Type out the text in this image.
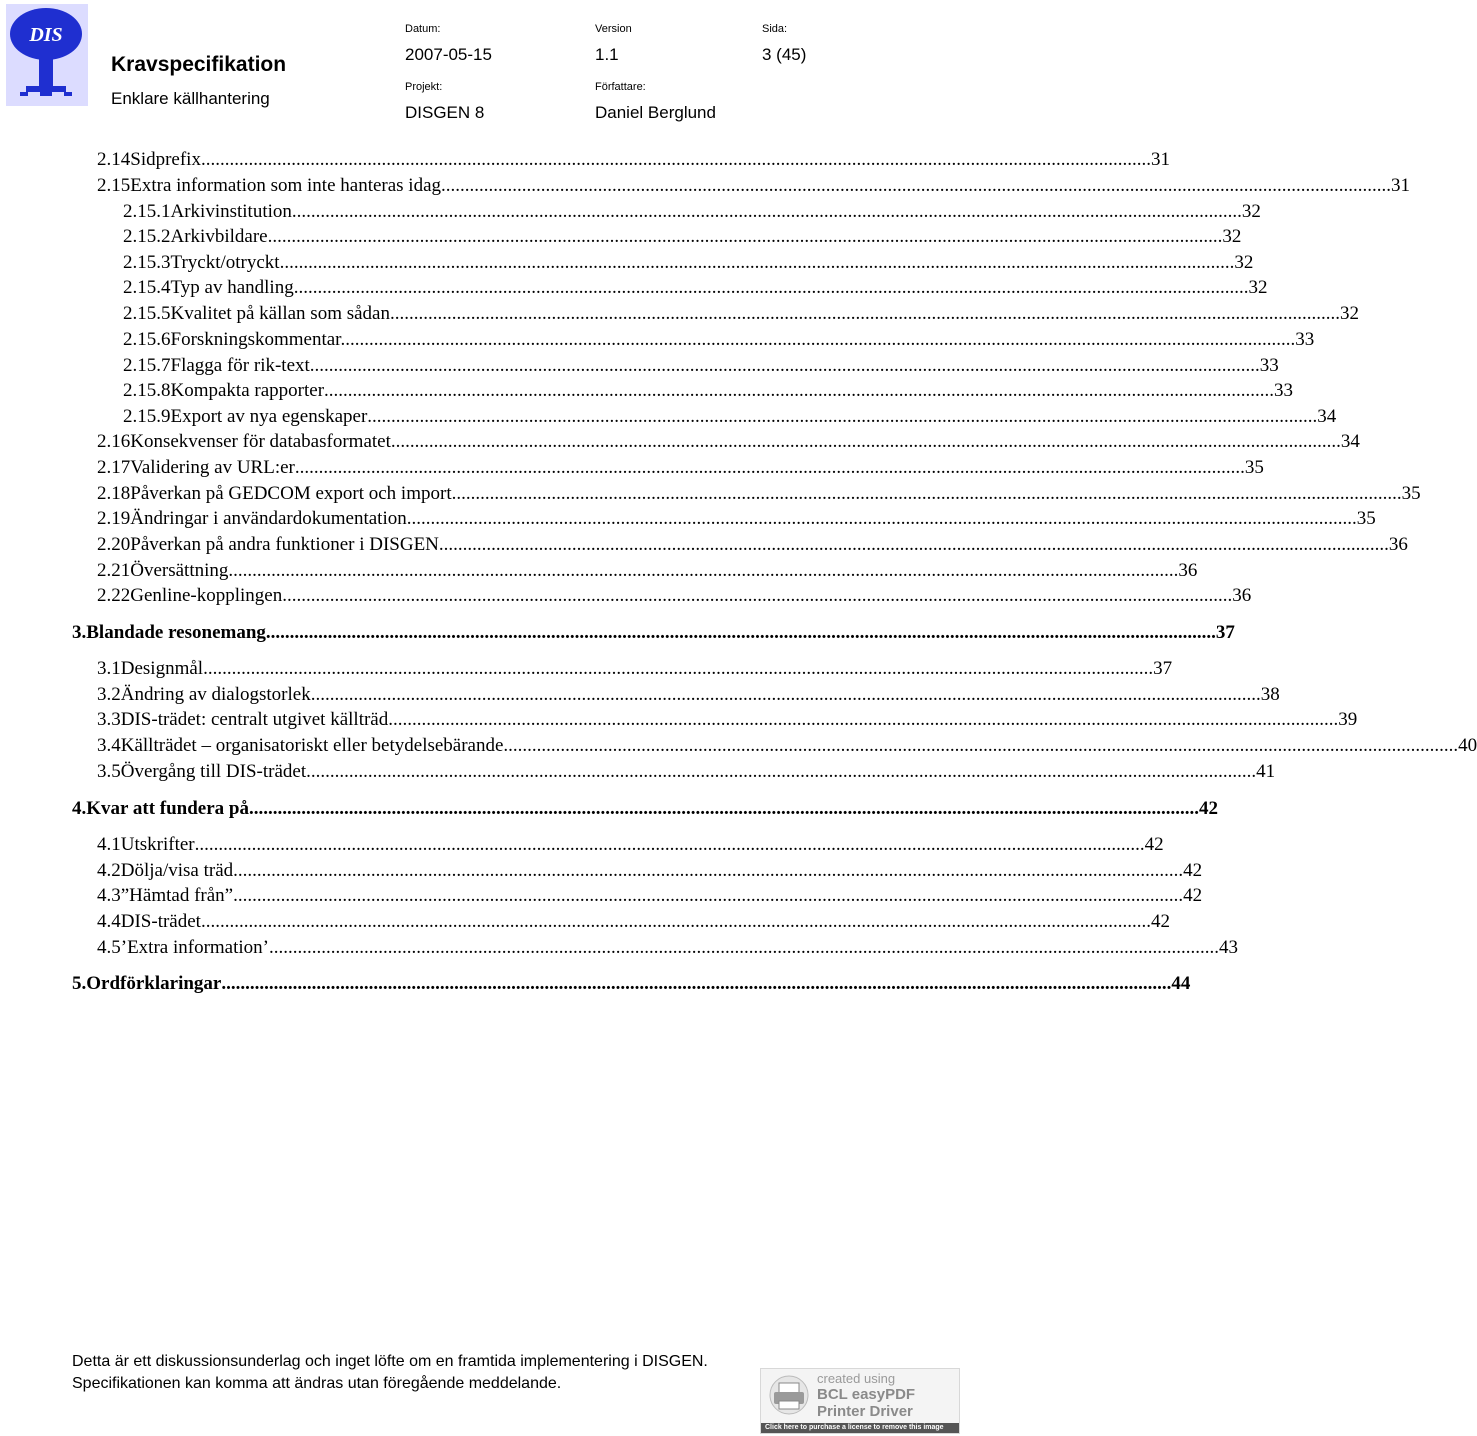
DIS
Kravspecifikation
Enklare källhantering
Datum:
2007-05-15
Version
1.1
Sida:
3 (45)
Projekt:
DISGEN 8
Författare:
Daniel Berglund
2.14 Sidprefix ........................................................................................................................................................................................................ 31
2.15 Extra information som inte hanteras idag ........................................................................................................................................................................................................ 31
2.15.1 Arkivinstitution ........................................................................................................................................................................................................ 32
2.15.2 Arkivbildare. ........................................................................................................................................................................................................ 32
2.15.3 Tryckt/otryckt. ........................................................................................................................................................................................................ 32
2.15.4 Typ av handling. ........................................................................................................................................................................................................ 32
2.15.5 Kvalitet på källan som sådan ........................................................................................................................................................................................................ 32
2.15.6 Forskningskommentar. ........................................................................................................................................................................................................ 33
2.15.7 Flagga för rik-text ........................................................................................................................................................................................................ 33
2.15.8 Kompakta rapporter ........................................................................................................................................................................................................ 33
2.15.9 Export av nya egenskaper ........................................................................................................................................................................................................ 34
2.16 Konsekvenser för databasformatet ........................................................................................................................................................................................................ 34
2.17 Validering av URL:er ........................................................................................................................................................................................................ 35
2.18 Påverkan på GEDCOM export och import ........................................................................................................................................................................................................ 35
2.19 Ändringar i användardokumentation ........................................................................................................................................................................................................ 35
2.20 Påverkan på andra funktioner i DISGEN ........................................................................................................................................................................................................ 36
2.21 Översättning ........................................................................................................................................................................................................ 36
2.22 Genline-kopplingen ........................................................................................................................................................................................................ 36
3. Blandade resonemang ........................................................................................................................................................................................................ 37
3.1 Designmål ........................................................................................................................................................................................................ 37
3.2 Ändring av dialogstorlek ........................................................................................................................................................................................................ 38
3.3 DIS-trädet: centralt utgivet källträd ........................................................................................................................................................................................................ 39
3.4 Källträdet – organisatoriskt eller betydelsebärande. ........................................................................................................................................................................................................ 40
3.5 Övergång till DIS-trädet ........................................................................................................................................................................................................ 41
4. Kvar att fundera på ........................................................................................................................................................................................................ 42
4.1 Utskrifter ........................................................................................................................................................................................................ 42
4.2 Dölja/visa träd ........................................................................................................................................................................................................ 42
4.3 ”Hämtad från” ........................................................................................................................................................................................................ 42
4.4 DIS-trädet ........................................................................................................................................................................................................ 42
4.5 ’Extra information’ ........................................................................................................................................................................................................ 43
5. Ordförklaringar ........................................................................................................................................................................................................ 44
Detta är ett diskussionsunderlag och inget löfte om en framtida implementering i DISGEN.
Specifikationen kan komma att ändras utan föregående meddelande.	created using
BCL easyPDF
Printer Driver
Click here to purchase a license to remove this image
